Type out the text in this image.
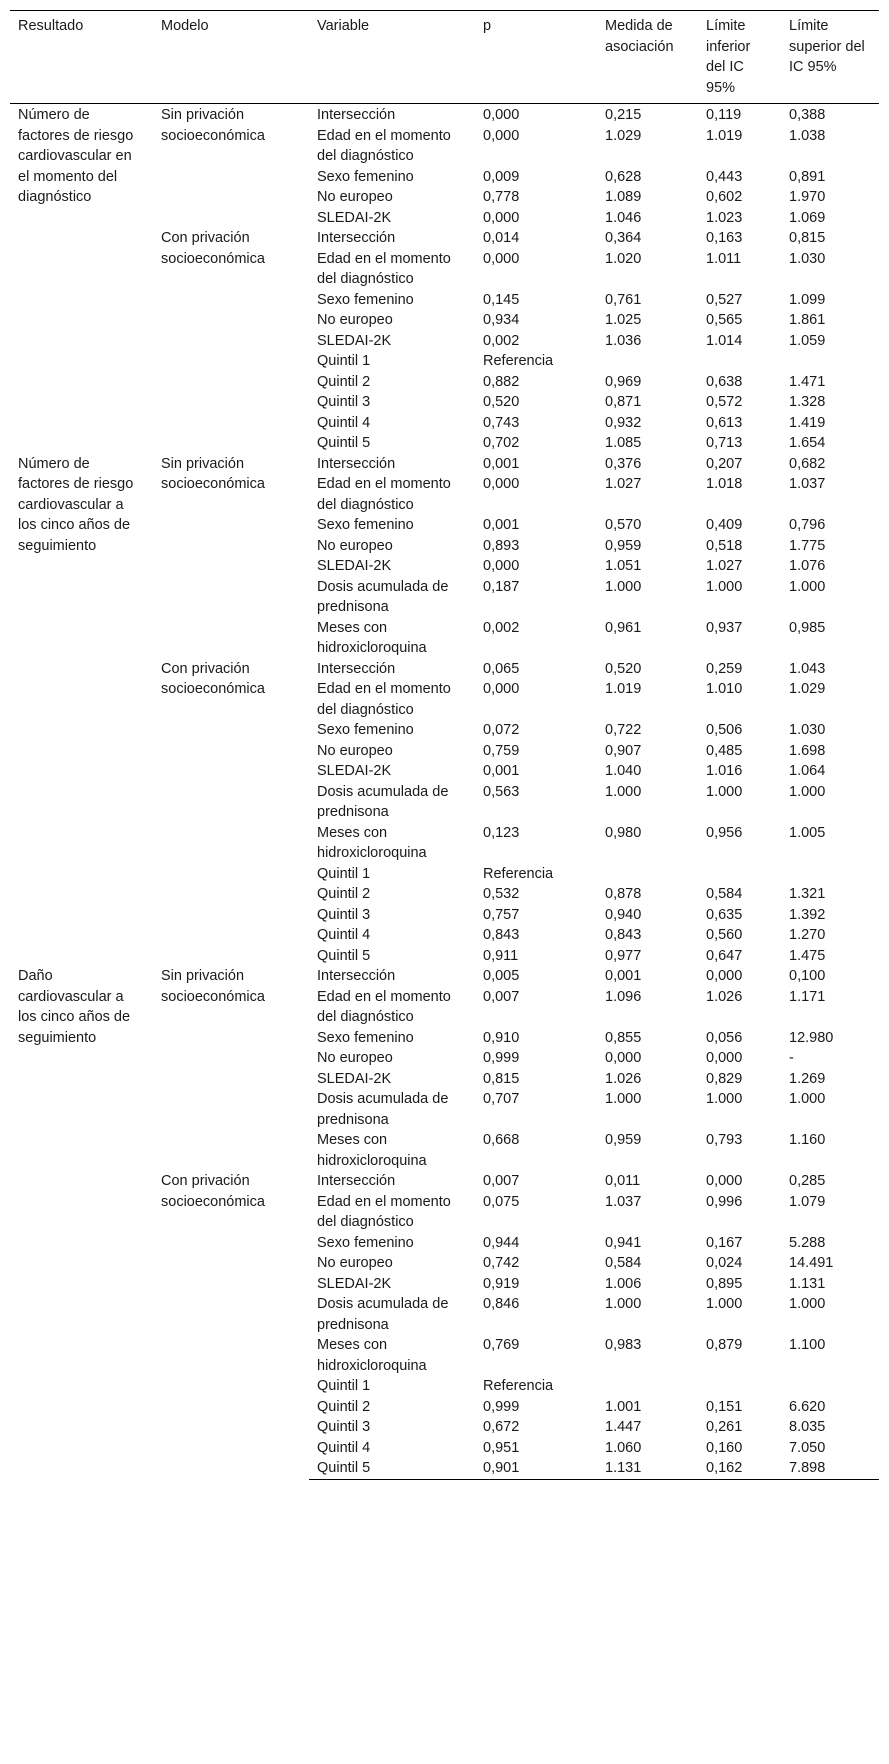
Resultado	Modelo	Variable	p	Medida de asociación	Límite inferior del IC 95%	Límite superior del IC 95%
Número de factores de riesgo cardiovascular en el momento del diagnóstico	Sin privación socioeconómica	Intersección	0,000	0,215	0,119	0,388
		Edad en el momento del diagnóstico	0,000	1.029	1.019	1.038
		Sexo femenino	0,009	0,628	0,443	0,891
		No europeo	0,778	1.089	0,602	1.970
		SLEDAI-2K	0,000	1.046	1.023	1.069
	Con privación socioeconómica	Intersección	0,014	0,364	0,163	0,815
		Edad en el momento del diagnóstico	0,000	1.020	1.011	1.030
		Sexo femenino	0,145	0,761	0,527	1.099
		No europeo	0,934	1.025	0,565	1.861
		SLEDAI-2K	0,002	1.036	1.014	1.059
		Quintil 1	Referencia			
		Quintil 2	0,882	0,969	0,638	1.471
		Quintil 3	0,520	0,871	0,572	1.328
		Quintil 4	0,743	0,932	0,613	1.419
		Quintil 5	0,702	1.085	0,713	1.654
Número de factores de riesgo cardiovascular a los cinco años de seguimiento	Sin privación socioeconómica	Intersección	0,001	0,376	0,207	0,682
		Edad en el momento del diagnóstico	0,000	1.027	1.018	1.037
		Sexo femenino	0,001	0,570	0,409	0,796
		No europeo	0,893	0,959	0,518	1.775
		SLEDAI-2K	0,000	1.051	1.027	1.076
		Dosis acumulada de prednisona	0,187	1.000	1.000	1.000
		Meses con hidroxicloroquina	0,002	0,961	0,937	0,985
	Con privación socioeconómica	Intersección	0,065	0,520	0,259	1.043
		Edad en el momento del diagnóstico	0,000	1.019	1.010	1.029
		Sexo femenino	0,072	0,722	0,506	1.030
		No europeo	0,759	0,907	0,485	1.698
		SLEDAI-2K	0,001	1.040	1.016	1.064
		Dosis acumulada de prednisona	0,563	1.000	1.000	1.000
		Meses con hidroxicloroquina	0,123	0,980	0,956	1.005
		Quintil 1	Referencia			
		Quintil 2	0,532	0,878	0,584	1.321
		Quintil 3	0,757	0,940	0,635	1.392
		Quintil 4	0,843	0,843	0,560	1.270
		Quintil 5	0,911	0,977	0,647	1.475
Daño cardiovascular a los cinco años de seguimiento	Sin privación socioeconómica	Intersección	0,005	0,001	0,000	0,100
		Edad en el momento del diagnóstico	0,007	1.096	1.026	1.171
		Sexo femenino	0,910	0,855	0,056	12.980
		No europeo	0,999	0,000	0,000	-
		SLEDAI-2K	0,815	1.026	0,829	1.269
		Dosis acumulada de prednisona	0,707	1.000	1.000	1.000
		Meses con hidroxicloroquina	0,668	0,959	0,793	1.160
	Con privación socioeconómica	Intersección	0,007	0,011	0,000	0,285
		Edad en el momento del diagnóstico	0,075	1.037	0,996	1.079
		Sexo femenino	0,944	0,941	0,167	5.288
		No europeo	0,742	0,584	0,024	14.491
		SLEDAI-2K	0,919	1.006	0,895	1.131
		Dosis acumulada de prednisona	0,846	1.000	1.000	1.000
		Meses con hidroxicloroquina	0,769	0,983	0,879	1.100
		Quintil 1	Referencia			
		Quintil 2	0,999	1.001	0,151	6.620
		Quintil 3	0,672	1.447	0,261	8.035
		Quintil 4	0,951	1.060	0,160	7.050
		Quintil 5	0,901	1.131	0,162	7.898
